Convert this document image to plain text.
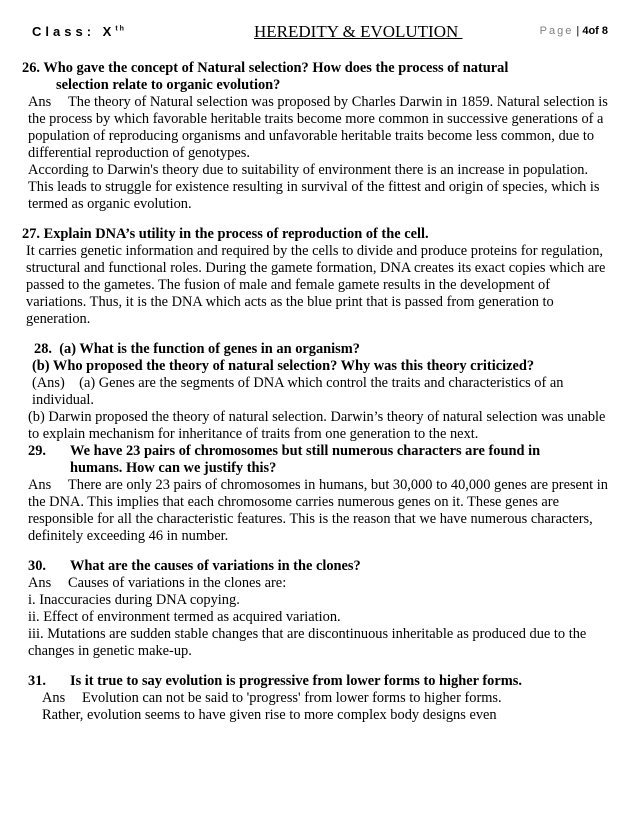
Class: Xth	HEREDITY & EVOLUTION	Page | 4of 8
26. Who gave the concept of Natural selection? How does the process of natural
selection relate to organic evolution?

Ans The theory of Natural selection was proposed by Charles Darwin in 1859. Natural selection is the process by which favorable heritable traits become more common in successive generations of a population of reproducing organisms and unfavorable heritable traits become less common, due to differential reproduction of genotypes.

According to Darwin's theory due to suitability of environment there is an increase in population. This leads to struggle for existence resulting in survival of the fittest and origin of species, which is termed as organic evolution.

27. Explain DNA’s utility in the process of reproduction of the cell.

It carries genetic information and required by the cells to divide and produce proteins for regulation, structural and functional roles. During the gamete formation, DNA creates its exact copies which are passed to the gametes. The fusion of male and female gamete results in the development of variations. Thus, it is the DNA which acts as the blue print that is passed from generation to generation.

28. (a) What is the function of genes in an organism?
(b) Who proposed the theory of natural selection? Why was this theory criticized?

(Ans) (a) Genes are the segments of DNA which control the traits and characteristics of an individual.

(b) Darwin proposed the theory of natural selection. Darwin’s theory of natural selection was unable to explain mechanism for inheritance of traits from one generation to the next.

29.	We have 23 pairs of chromosomes but still numerous characters are found in
humans. How can we justify this?

Ans There are only 23 pairs of chromosomes in humans, but 30,000 to 40,000 genes are present in the DNA. This implies that each chromosome carries numerous genes on it. These genes are responsible for all the characteristic features. This is the reason that we have numerous characters, definitely exceeding 46 in number.

30.	What are the causes of variations in the clones?

Ans Causes of variations in the clones are:

i. Inaccuracies during DNA copying.

ii. Effect of environment termed as acquired variation.

iii. Mutations are sudden stable changes that are discontinuous inheritable as produced due to the changes in genetic make-up.

31.	Is it true to say evolution is progressive from lower forms to higher forms.

Ans Evolution can not be said to 'progress' from lower forms to higher forms.

Rather, evolution seems to have given rise to more complex body designs even
